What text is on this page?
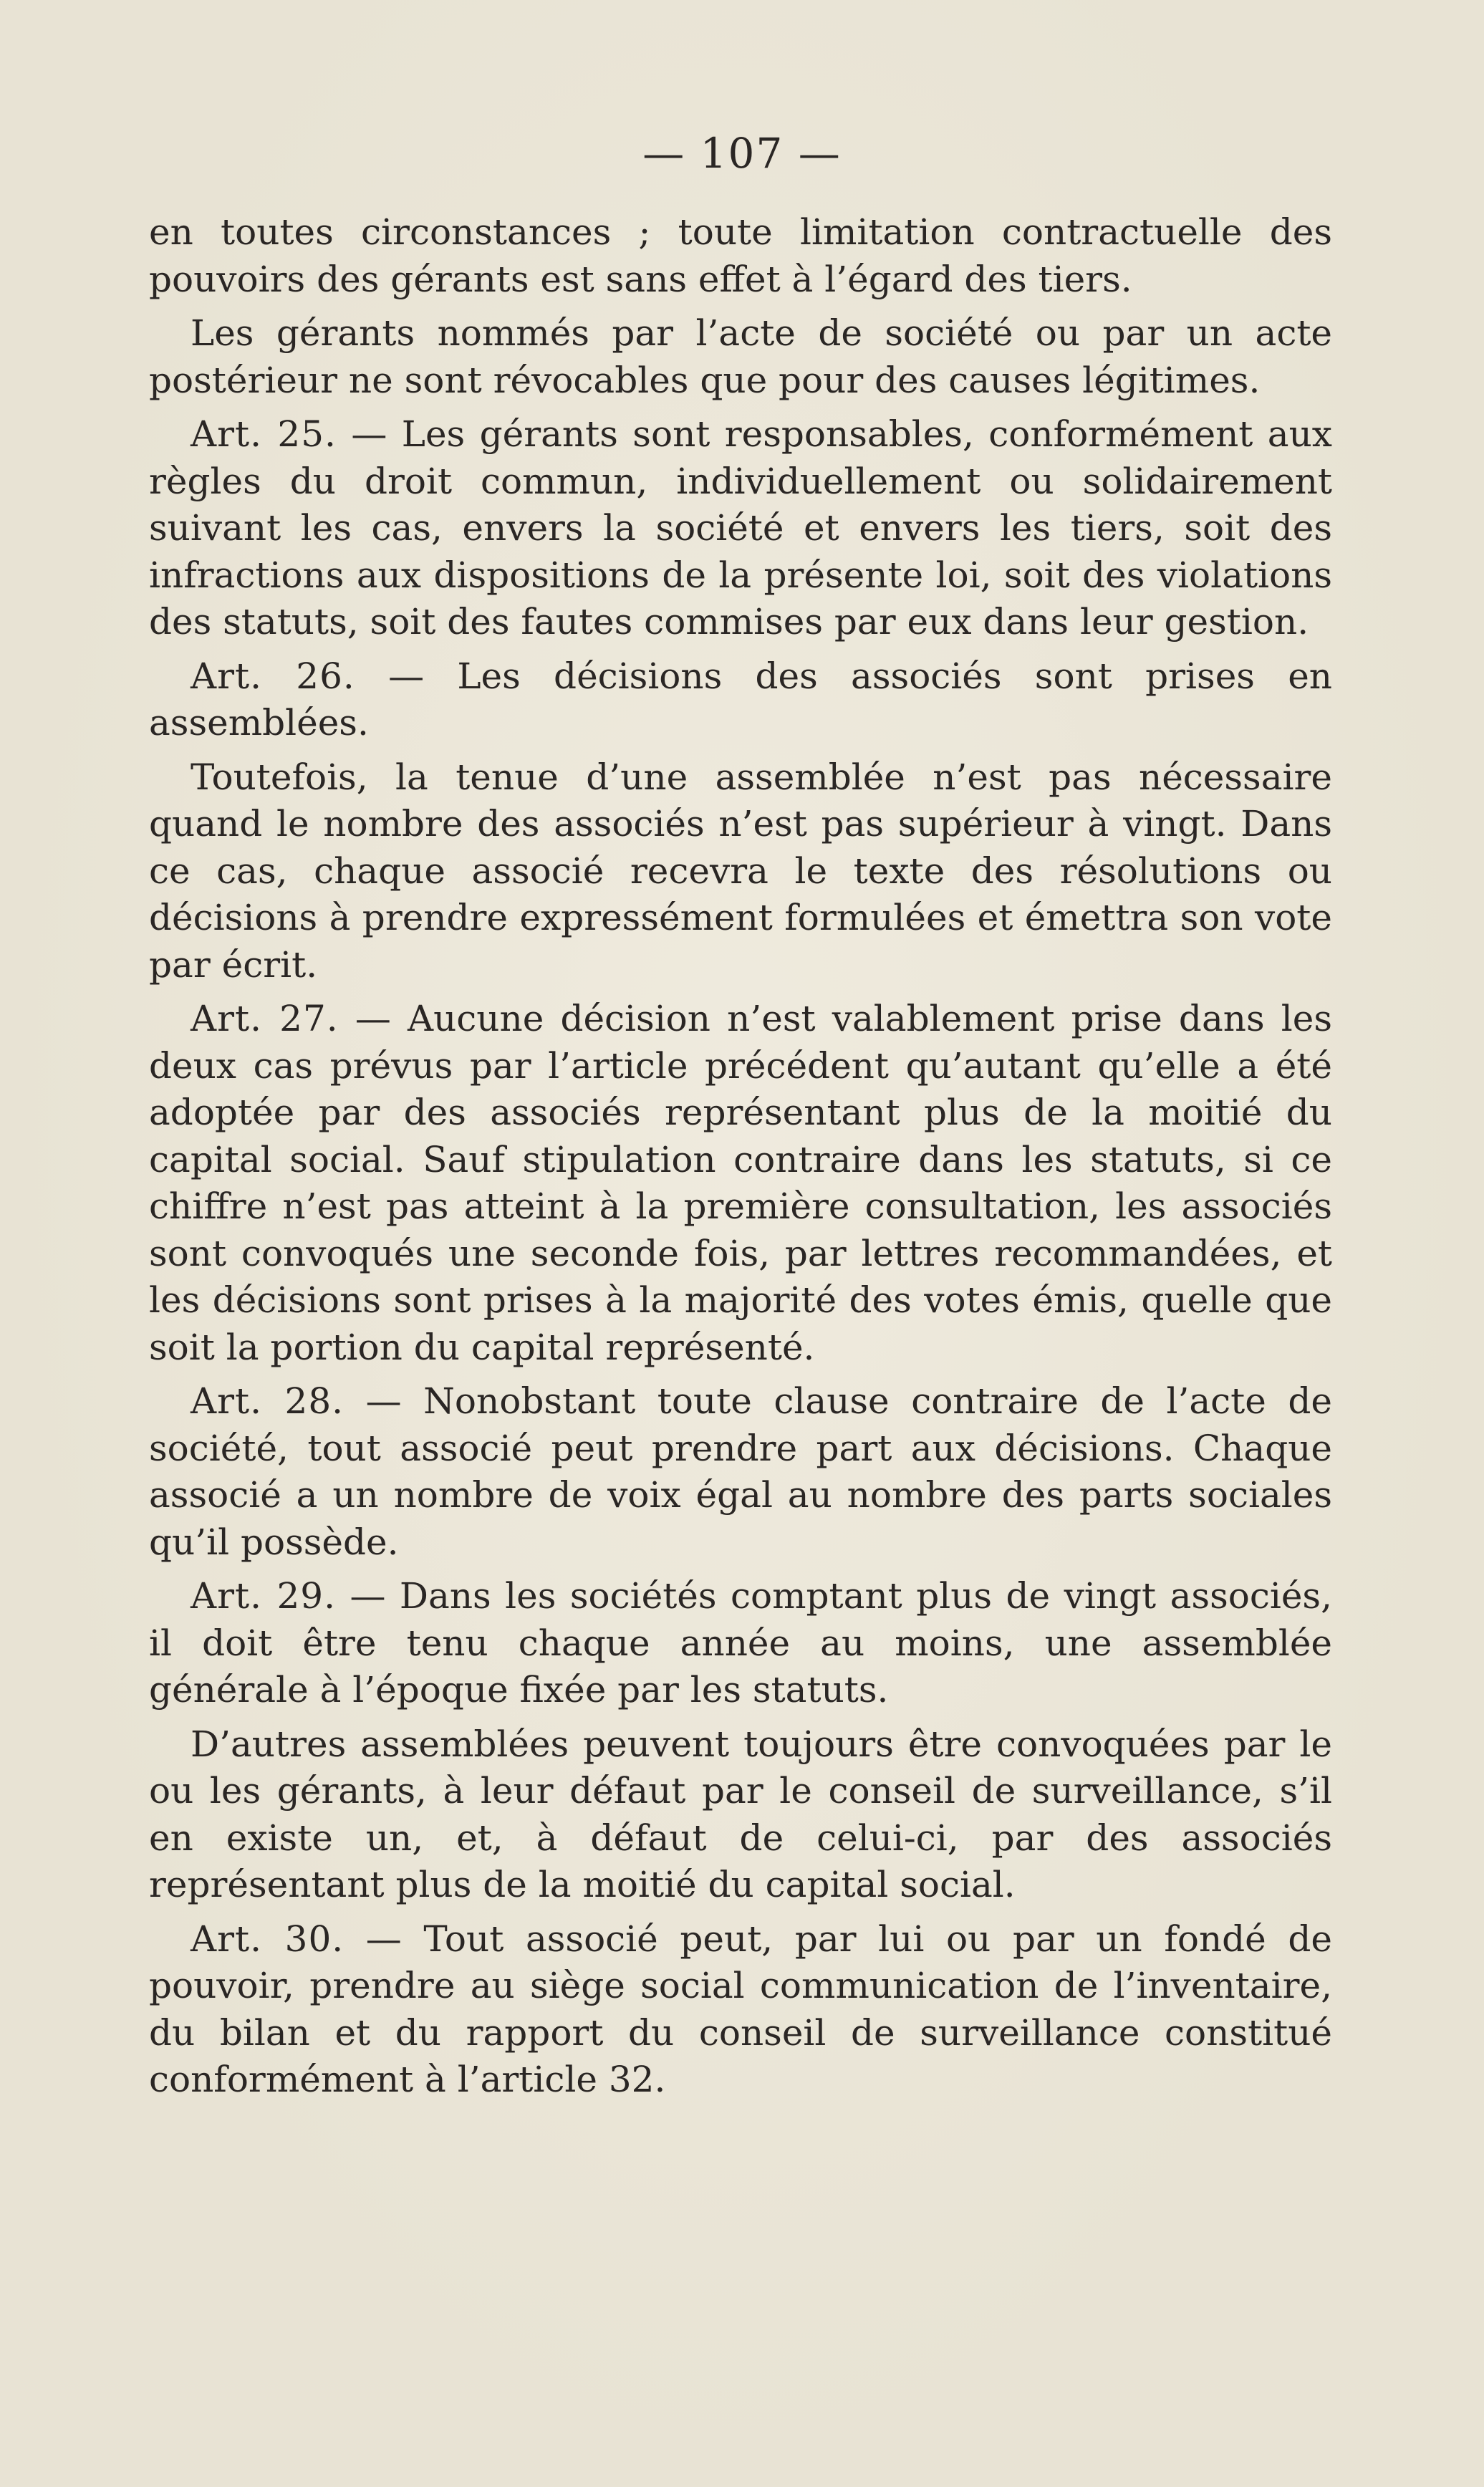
— 107 —

en toutes circonstances ; toute limitation contractuelle des pouvoirs des gérants est sans effet à l’égard des tiers.

Les gérants nommés par l’acte de société ou par un acte postérieur ne sont révocables que pour des causes légitimes.

Art. 25. — Les gérants sont responsables, conformément aux règles du droit commun, individuellement ou solidairement suivant les cas, envers la société et envers les tiers, soit des infractions aux dispositions de la présente loi, soit des violations des statuts, soit des fautes commises par eux dans leur gestion.

Art. 26. — Les décisions des associés sont prises en assemblées.

Toutefois, la tenue d’une assemblée n’est pas nécessaire quand le nombre des associés n’est pas supérieur à vingt. Dans ce cas, chaque associé recevra le texte des résolutions ou décisions à prendre expressément formulées et émettra son vote par écrit.

Art. 27. — Aucune décision n’est valablement prise dans les deux cas prévus par l’article précédent qu’autant qu’elle a été adoptée par des associés représentant plus de la moitié du capital social. Sauf stipulation contraire dans les statuts, si ce chiffre n’est pas atteint à la première consultation, les associés sont convoqués une seconde fois, par lettres recommandées, et les décisions sont prises à la majorité des votes émis, quelle que soit la portion du capital représenté.

Art. 28. — Nonobstant toute clause contraire de l’acte de société, tout associé peut prendre part aux décisions. Chaque associé a un nombre de voix égal au nombre des parts sociales qu’il possède.

Art. 29. — Dans les sociétés comptant plus de vingt associés, il doit être tenu chaque année au moins, une assemblée générale à l’époque fixée par les statuts.

D’autres assemblées peuvent toujours être convoquées par le ou les gérants, à leur défaut par le conseil de surveillance, s’il en existe un, et, à défaut de celui-ci, par des associés représentant plus de la moitié du capital social.

Art. 30. — Tout associé peut, par lui ou par un fondé de pouvoir, prendre au siège social communication de l’inventaire, du bilan et du rapport du conseil de surveillance constitué conformément à l’article 32.
